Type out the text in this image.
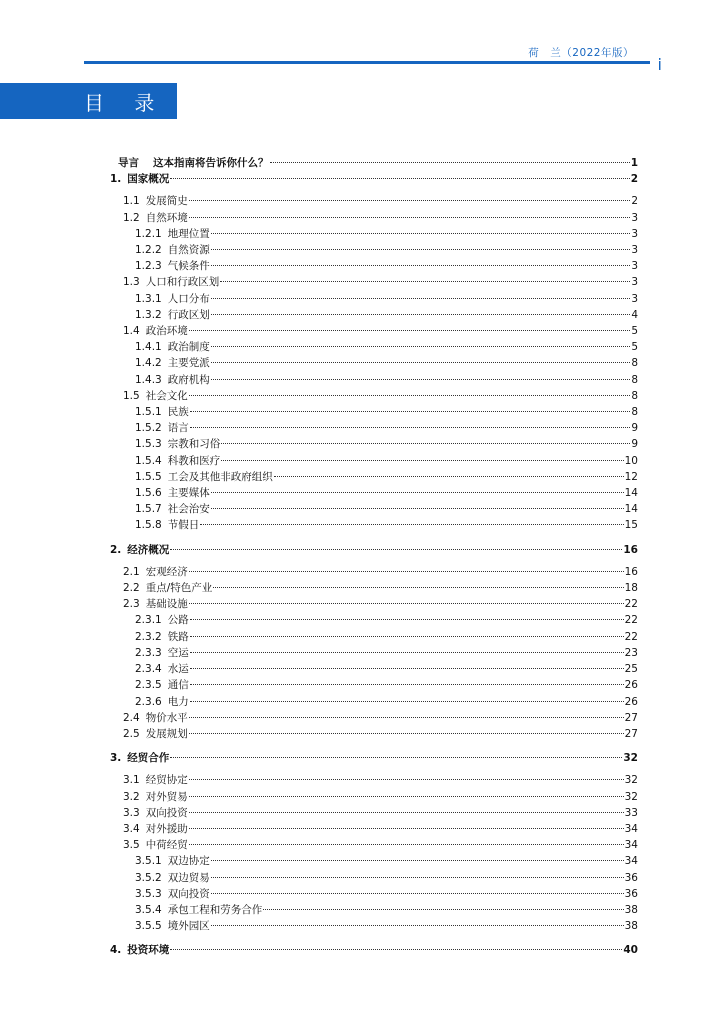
荷　兰（2022年版）
i
目 录
导言 这本指南将告诉你什么？	1
1. 国家概况	2
1.1 发展简史	2
1.2 自然环境	3
1.2.1 地理位置	3
1.2.2 自然资源	3
1.2.3 气候条件	3
1.3 人口和行政区划	3
1.3.1 人口分布	3
1.3.2 行政区划	4
1.4 政治环境	5
1.4.1 政治制度	5
1.4.2 主要党派	8
1.4.3 政府机构	8
1.5 社会文化	8
1.5.1 民族	8
1.5.2 语言	9
1.5.3 宗教和习俗	9
1.5.4 科教和医疗	10
1.5.5 工会及其他非政府组织	12
1.5.6 主要媒体	14
1.5.7 社会治安	14
1.5.8 节假日	15
2. 经济概况	16
2.1 宏观经济	16
2.2 重点/特色产业	18
2.3 基础设施	22
2.3.1 公路	22
2.3.2 铁路	22
2.3.3 空运	23
2.3.4 水运	25
2.3.5 通信	26
2.3.6 电力	26
2.4 物价水平	27
2.5 发展规划	27
3. 经贸合作	32
3.1 经贸协定	32
3.2 对外贸易	32
3.3 双向投资	33
3.4 对外援助	34
3.5 中荷经贸	34
3.5.1 双边协定	34
3.5.2 双边贸易	36
3.5.3 双向投资	36
3.5.4 承包工程和劳务合作	38
3.5.5 境外园区	38
4. 投资环境	40
